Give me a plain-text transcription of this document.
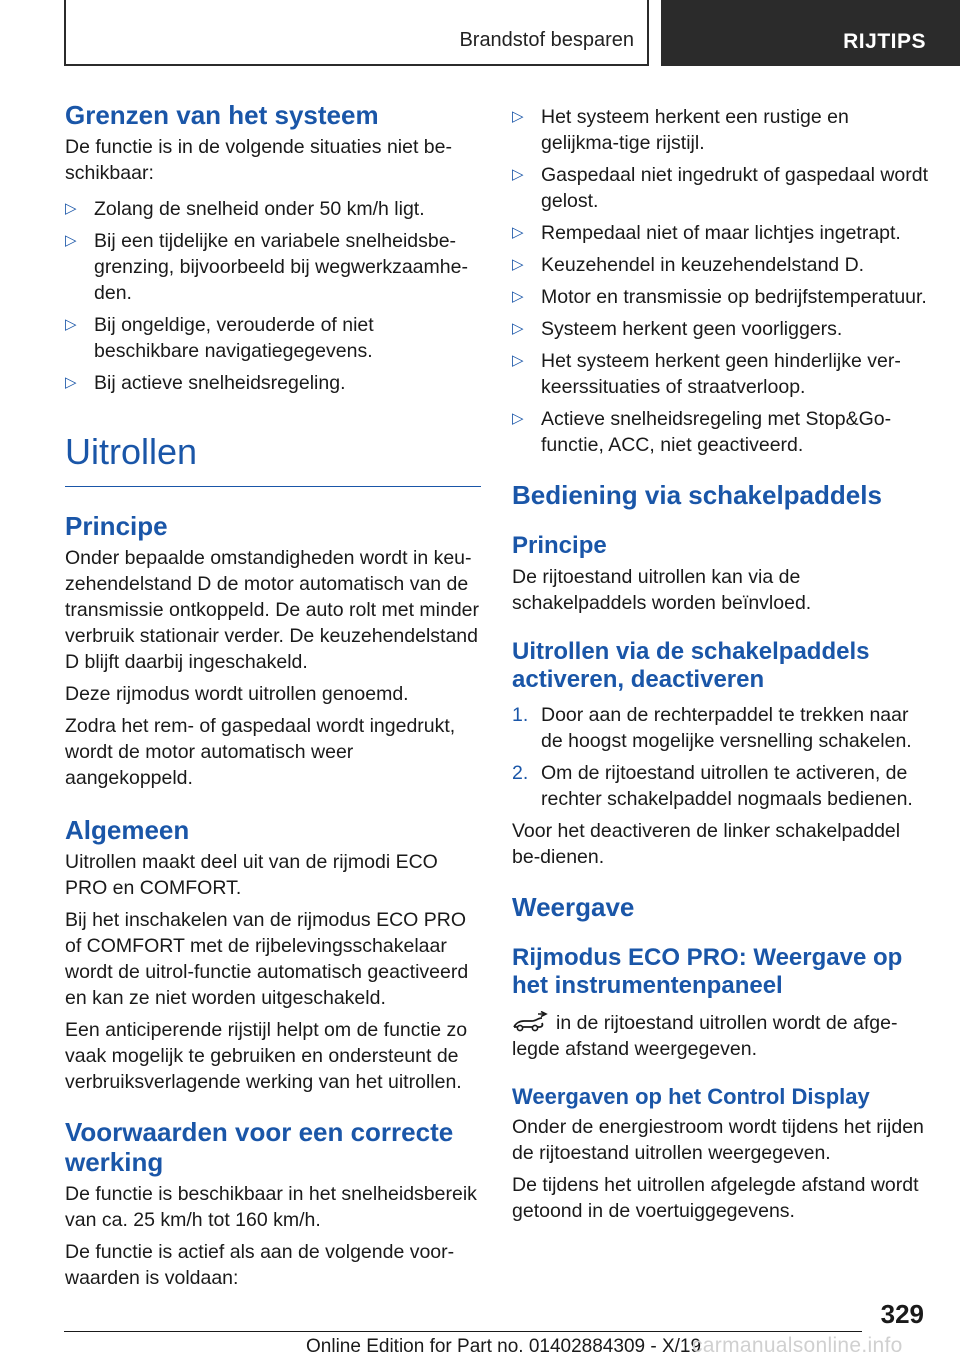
Brandstof besparen	RIJTIPS
Grenzen van het systeem

De functie is in de volgende situaties niet be-schikbaar:

▷ Zolang de snelheid onder 50 km/h ligt.
▷ Bij een tijdelijke en variabele snelheidsbe-grenzing, bijvoorbeeld bij wegwerkzaamhe-den.
▷ Bij ongeldige, verouderde of niet beschikbare navigatiegegevens.
▷ Bij actieve snelheidsregeling.
Uitrollen
Principe

Onder bepaalde omstandigheden wordt in keu-zehendelstand D de motor automatisch van de transmissie ontkoppeld. De auto rolt met minder verbruik stationair verder. De keuzehendelstand D blijft daarbij ingeschakeld.

Deze rijmodus wordt uitrollen genoemd.

Zodra het rem- of gaspedaal wordt ingedrukt, wordt de motor automatisch weer aangekoppeld.

Algemeen

Uitrollen maakt deel uit van de rijmodi ECO PRO en COMFORT.

Bij het inschakelen van de rijmodus ECO PRO of COMFORT met de rijbelevingsschakelaar wordt de uitrol-functie automatisch geactiveerd en kan ze niet worden uitgeschakeld.

Een anticiperende rijstijl helpt om de functie zo vaak mogelijk te gebruiken en ondersteunt de verbruiksverlagende werking van het uitrollen.

Voorwaarden voor een correcte werking

De functie is beschikbaar in het snelheidsbereik van ca. 25 km/h tot 160 km/h.

De functie is actief als aan de volgende voor-waarden is voldaan:

▷ Het systeem herkent een rustige en gelijkma-tige rijstijl.
▷ Gaspedaal niet ingedrukt of gaspedaal wordt gelost.
▷ Rempedaal niet of maar lichtjes ingetrapt.
▷ Keuzehendel in keuzehendelstand D.
▷ Motor en transmissie op bedrijfstemperatuur.
▷ Systeem herkent geen voorliggers.
▷ Het systeem herkent geen hinderlijke ver-keerssituaties of straatverloop.
▷ Actieve snelheidsregeling met Stop&Go-functie, ACC, niet geactiveerd.
Bediening via schakelpaddels
Principe

De rijtoestand uitrollen kan via de schakelpaddels worden beïnvloed.

Uitrollen via de schakelpaddels activeren, deactiveren
1. Door aan de rechterpaddel te trekken naar de hoogst mogelijke versnelling schakelen.
2. Om de rijtoestand uitrollen te activeren, de rechter schakelpaddel nogmaals bedienen.

Voor het deactiveren de linker schakelpaddel be-dienen.

Weergave
Rijmodus ECO PRO: Weergave op het instrumentenpaneel

in de rijtoestand uitrollen wordt de afge-legde afstand weergegeven.

Weergaven op het Control Display

Onder de energiestroom wordt tijdens het rijden de rijtoestand uitrollen weergegeven.

De tijdens het uitrollen afgelegde afstand wordt getoond in de voertuiggegevens.

329
Online Edition for Part no. 01402884309 - X/19
carmanualsonline.info
